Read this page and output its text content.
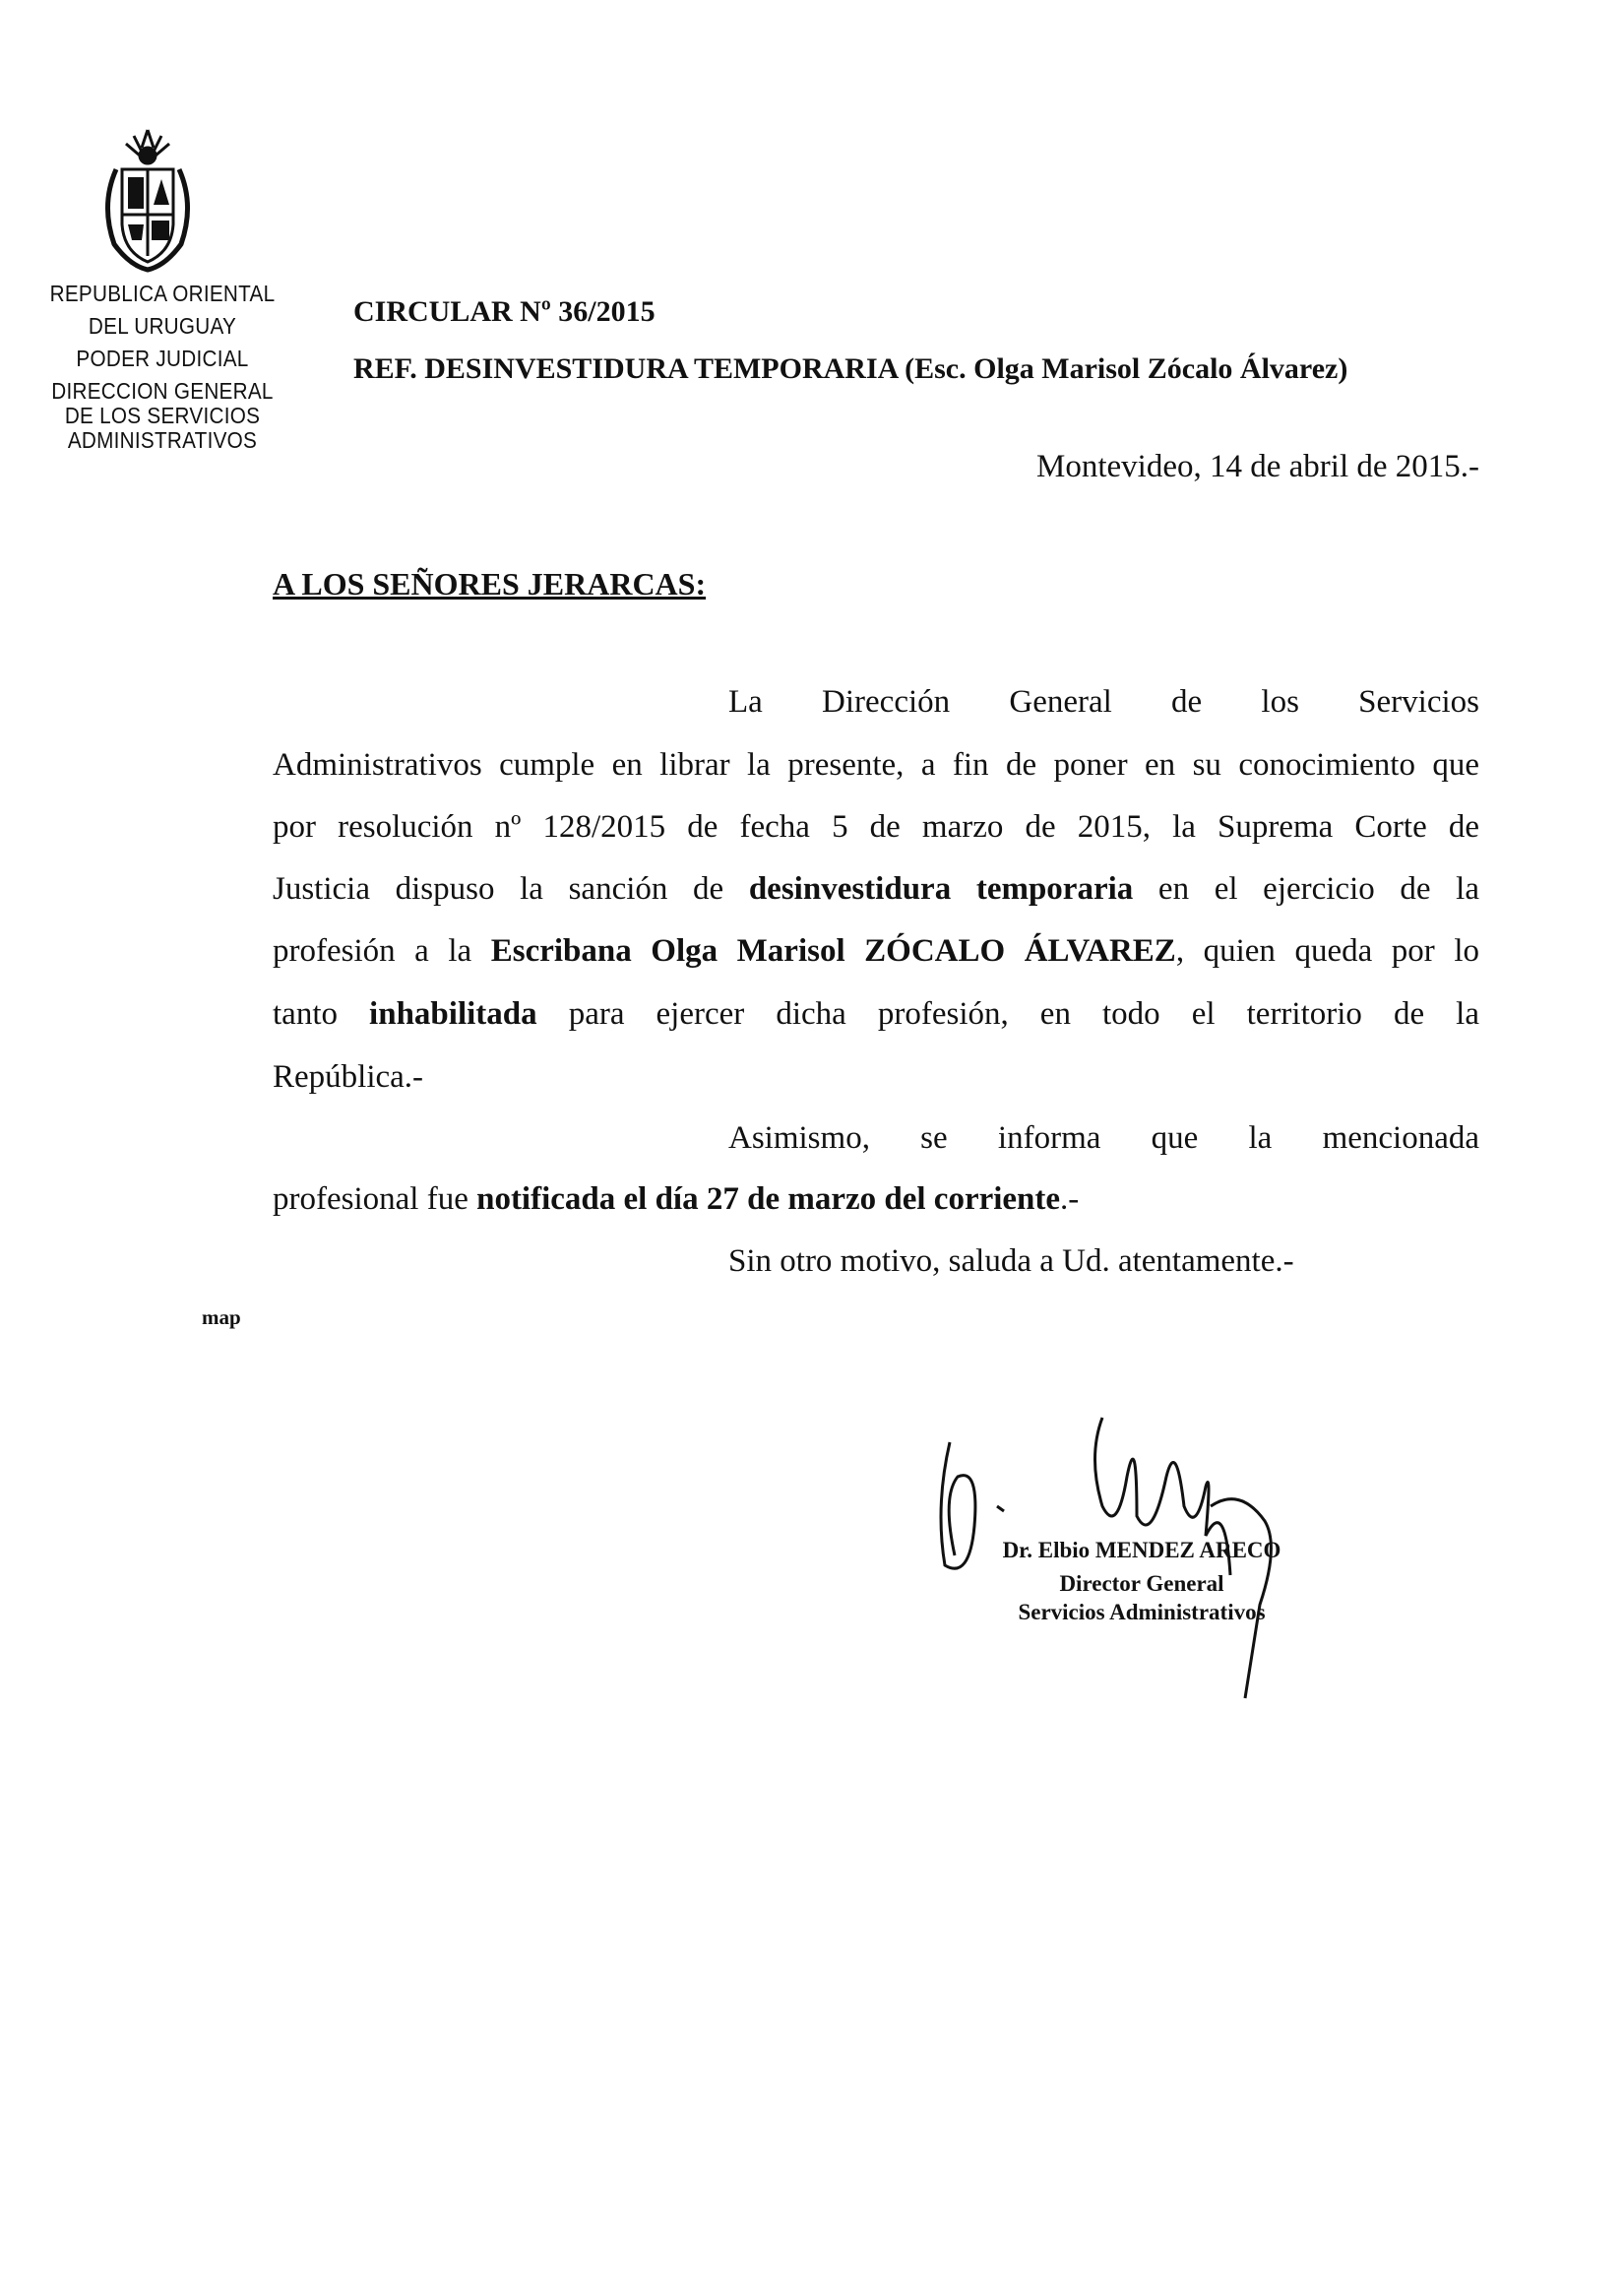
REPUBLICA ORIENTAL
DEL URUGUAY
PODER JUDICIAL
DIRECCION GENERAL
DE LOS SERVICIOS
ADMINISTRATIVOS
CIRCULAR Nº 36/2015
REF. DESINVESTIDURA TEMPORARIA (Esc. Olga Marisol Zócalo Álvarez)
Montevideo, 14 de abril de 2015.-
A LOS SEÑORES JERARCAS:
La Dirección General de los Servicios
Administrativos cumple en librar la presente, a fin de poner en su conocimiento que
por resolución nº 128/2015 de fecha 5 de marzo de 2015, la Suprema Corte de
Justicia dispuso la sanción de desinvestidura temporaria en el ejercicio de la
profesión a la Escribana Olga Marisol ZÓCALO ÁLVAREZ, quien queda por lo
tanto inhabilitada para ejercer dicha profesión, en todo el territorio de la
República.-
Asimismo, se informa que la mencionada
profesional fue notificada el día 27 de marzo del corriente.-
Sin otro motivo, saluda a Ud. atentamente.-
map
Dr. Elbio MENDEZ ARECO
Director General
Servicios Administrativos
